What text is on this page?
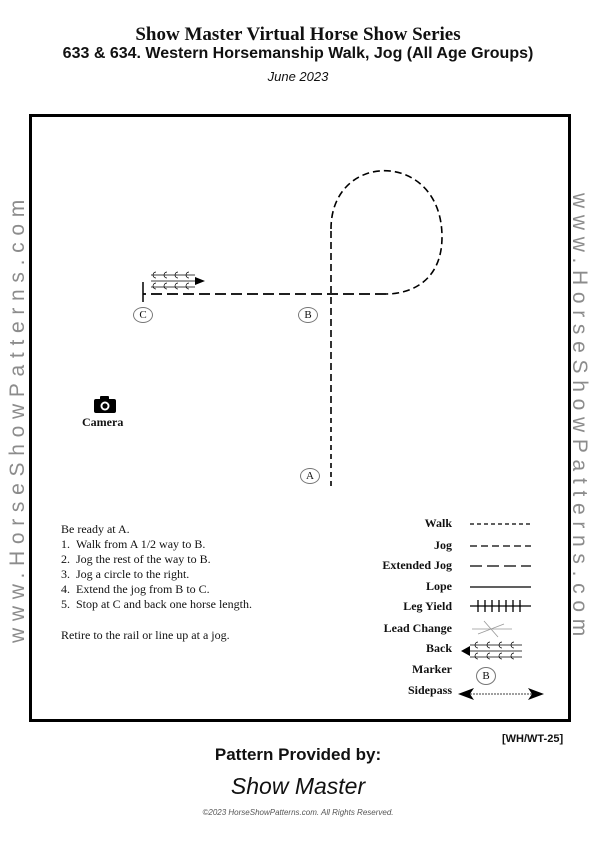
Show Master Virtual Horse Show Series
633 & 634. Western Horsemanship Walk, Jog (All Age Groups)
June 2023
www.HorseShowPatterns.com	www.HorseShowPatterns.com
A
B
C
Camera
Be ready at A.
1. Walk from A 1/2 way to B.
2. Jog the rest of the way to B.
3. Jog a circle to the right.
4. Extend the jog from B to C.
5. Stop at C and back one horse length.
Retire to the rail or line up at a jog.
Walk
Jog
Extended Jog
Lope
Leg Yield
Lead Change
Back
Marker	B
Sidepass
[WH/WT-25]
Pattern Provided by:
Show Master
©2023 HorseShowPatterns.com. All Rights Reserved.
